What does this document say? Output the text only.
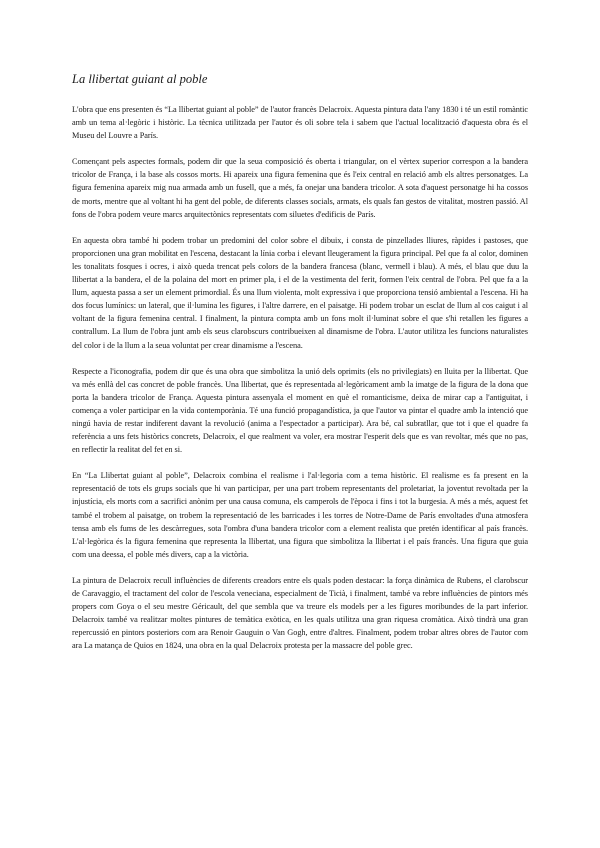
La llibertat guiant al poble

L'obra que ens presenten és “La llibertat guiant al poble” de l'autor francès Delacroix. Aquesta pintura data l'any 1830 i té un estil romàntic amb un tema al·legòric i històric. La tècnica utilitzada per l'autor és oli sobre tela i sabem que l'actual localització d'aquesta obra és el Museu del Louvre a París.

Començant pels aspectes formals, podem dir que la seua composició és oberta i triangular, on el vèrtex superior correspon a la bandera tricolor de França, i la base als cossos morts. Hi apareix una figura femenina que és l'eix central en relació amb els altres personatges. La figura femenina apareix mig nua armada amb un fusell, que a més, fa onejar una bandera tricolor. A sota d'aquest personatge hi ha cossos de morts, mentre que al voltant hi ha gent del poble, de diferents classes socials, armats, els quals fan gestos de vitalitat, mostren passió. Al fons de l'obra podem veure marcs arquitectònics representats com siluetes d'edificis de París.

En aquesta obra també hi podem trobar un predomini del color sobre el dibuix, i consta de pinzellades lliures, ràpides i pastoses, que proporcionen una gran mobilitat en l'escena, destacant la línia corba i elevant lleugerament la figura principal. Pel que fa al color, dominen les tonalitats fosques i ocres, i això queda trencat pels colors de la bandera francesa (blanc, vermell i blau). A més, el blau que duu la llibertat a la bandera, el de la polaina del mort en primer pla, i el de la vestimenta del ferit, formen l'eix central de l'obra. Pel que fa a la llum, aquesta passa a ser un element primordial. És una llum violenta, molt expressiva i que proporciona tensió ambiental a l'escena. Hi ha dos focus lumínics: un lateral, que il·lumina les figures, i l'altre darrere, en el paisatge. Hi podem trobar un esclat de llum al cos caigut i al voltant de la figura femenina central. I finalment, la pintura compta amb un fons molt il·luminat sobre el que s'hi retallen les figures a contrallum. La llum de l'obra junt amb els seus clarobscurs contribueixen al dinamisme de l'obra. L'autor utilitza les funcions naturalistes del color i de la llum a la seua voluntat per crear dinamisme a l'escena.

Respecte a l'iconografia, podem dir que és una obra que simbolitza la unió dels oprimits (els no privilegiats) en lluita per la llibertat. Que va més enllà del cas concret de poble francès. Una llibertat, que és representada al·legòricament amb la imatge de la figura de la dona que porta la bandera tricolor de França. Aquesta pintura assenyala el moment en què el romanticisme, deixa de mirar cap a l'antiguitat, i comença a voler participar en la vida contemporània. Té una funció propagandística, ja que l'autor va pintar el quadre amb la intenció que ningú havia de restar indiferent davant la revolució (anima a l'espectador a participar). Ara bé, cal subratllar, que tot i que el quadre fa referència a uns fets històrics concrets, Delacroix, el que realment va voler, era mostrar l'esperit dels que es van revoltar, més que no pas, en reflectir la realitat del fet en si.

En “La Llibertat guiant al poble”, Delacroix combina el realisme i l'al·legoria com a tema històric. El realisme es fa present en la representació de tots els grups socials que hi van participar, per una part trobem representants del proletariat, la joventut revoltada per la injustícia, els morts com a sacrifici anònim per una causa comuna, els camperols de l'època i fins i tot la burgesia. A més a més, aquest fet també el trobem al paisatge, on trobem la representació de les barricades i les torres de Notre-Dame de París envoltades d'una atmosfera tensa amb els fums de les descàrregues, sota l'ombra d'una bandera tricolor com a element realista que pretén identificar al país francès. L'al·legòrica és la figura femenina que representa la llibertat, una figura que simbolitza la llibertat i el país francès. Una figura que guia com una deessa, el poble més divers, cap a la victòria.

La pintura de Delacroix recull influències de diferents creadors entre els quals poden destacar: la força dinàmica de Rubens, el clarobscur de Caravaggio, el tractament del color de l'escola veneciana, especialment de Ticià, i finalment, també va rebre influències de pintors més propers com Goya o el seu mestre Géricault, del que sembla que va treure els models per a les figures moribundes de la part inferior. Delacroix també va realitzar moltes pintures de temàtica exòtica, en les quals utilitza una gran riquesa cromàtica. Això tindrà una gran repercussió en pintors posteriors com ara Renoir Gauguin o Van Gogh, entre d'altres. Finalment, podem trobar altres obres de l'autor com ara La matança de Quios en 1824, una obra en la qual Delacroix protesta per la massacre del poble grec.
